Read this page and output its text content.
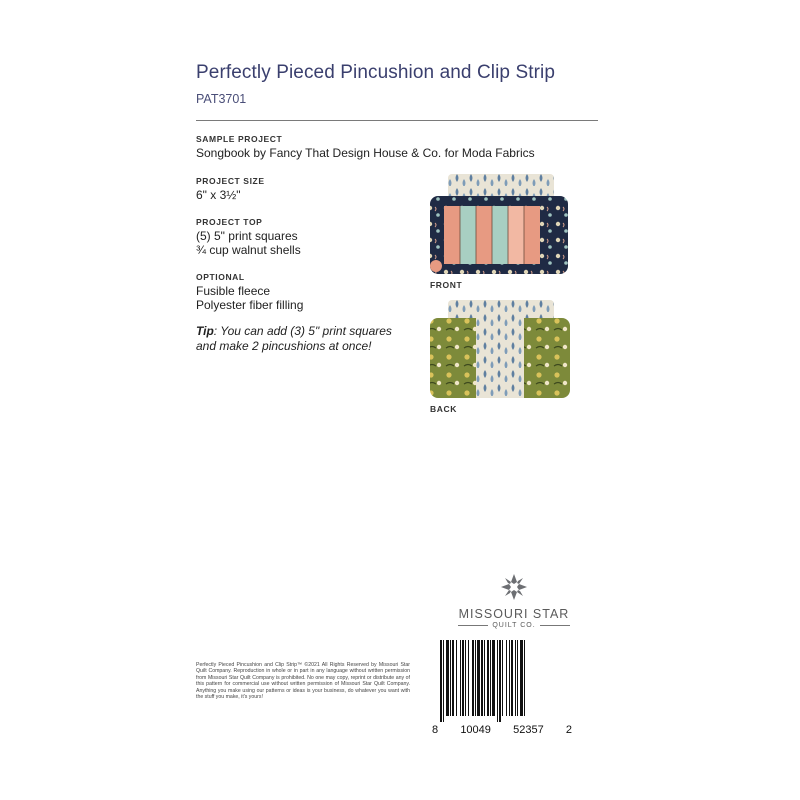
Perfectly Pieced Pincushion and Clip Strip
PAT3701
SAMPLE PROJECT
Songbook by Fancy That Design House & Co. for Moda Fabrics
PROJECT SIZE
6" x 3½"
PROJECT TOP
(5) 5" print squares
¾ cup walnut shells
OPTIONAL
Fusible fleece
Polyester fiber filling
Tip: You can add (3) 5" print squares and make 2 pincushions at once!
FRONT
BACK
MISSOURI STAR
QUILT CO.
Perfectly Pieced Pincushion and Clip Strip™ ©2021 All Rights Reserved by Missouri Star Quilt Company. Reproduction in whole or in part in any language without written permission from Missouri Star Quilt Company is prohibited. No one may copy, reprint or distribute any of this pattern for commercial use without written permission of Missouri Star Quilt Company. Anything you make using our patterns or ideas is your business, do whatever you want with the stuff you make, it's yours!
8 10049 52357 2
